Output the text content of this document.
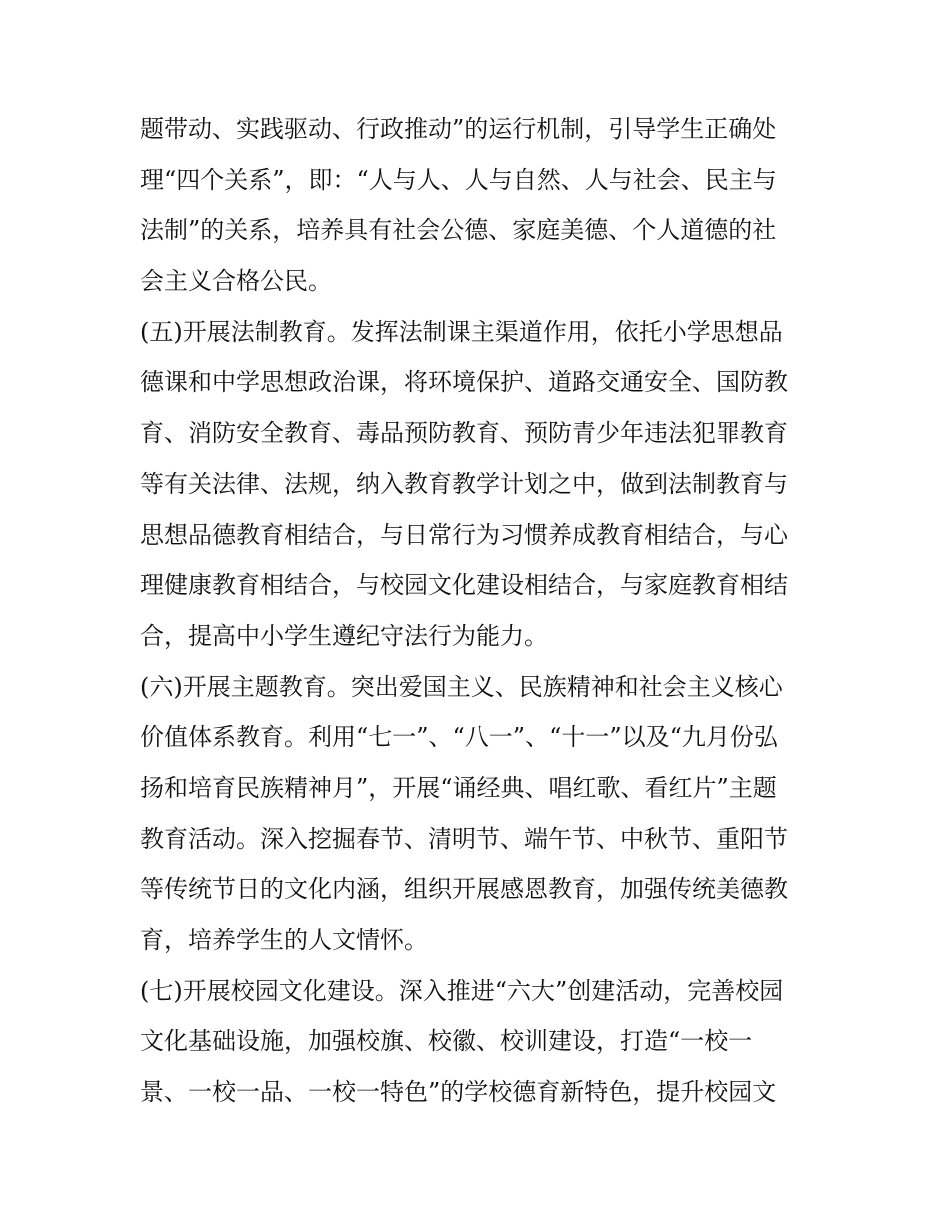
题带动、实践驱动、行政推动”的运行机制，引导学生正确处
理“四个关系”，即：“人与人、人与自然、人与社会、民主与
法制”的关系，培养具有社会公德、家庭美德、个人道德的社
会主义合格公民。
(五)开展法制教育。发挥法制课主渠道作用，依托小学思想品
德课和中学思想政治课，将环境保护、道路交通安全、国防教
育、消防安全教育、毒品预防教育、预防青少年违法犯罪教育
等有关法律、法规，纳入教育教学计划之中，做到法制教育与
思想品德教育相结合，与日常行为习惯养成教育相结合，与心
理健康教育相结合，与校园文化建设相结合，与家庭教育相结
合，提高中小学生遵纪守法行为能力。
(六)开展主题教育。突出爱国主义、民族精神和社会主义核心
价值体系教育。利用“七一”、“八一”、“十一”以及“九月份弘
扬和培育民族精神月”，开展“诵经典、唱红歌、看红片”主题
教育活动。深入挖掘春节、清明节、端午节、中秋节、重阳节
等传统节日的文化内涵，组织开展感恩教育，加强传统美德教
育，培养学生的人文情怀。
(七)开展校园文化建设。深入推进“六大”创建活动，完善校园
文化基础设施，加强校旗、校徽、校训建设，打造“一校一
景、一校一品、一校一特色”的学校德育新特色，提升校园文
